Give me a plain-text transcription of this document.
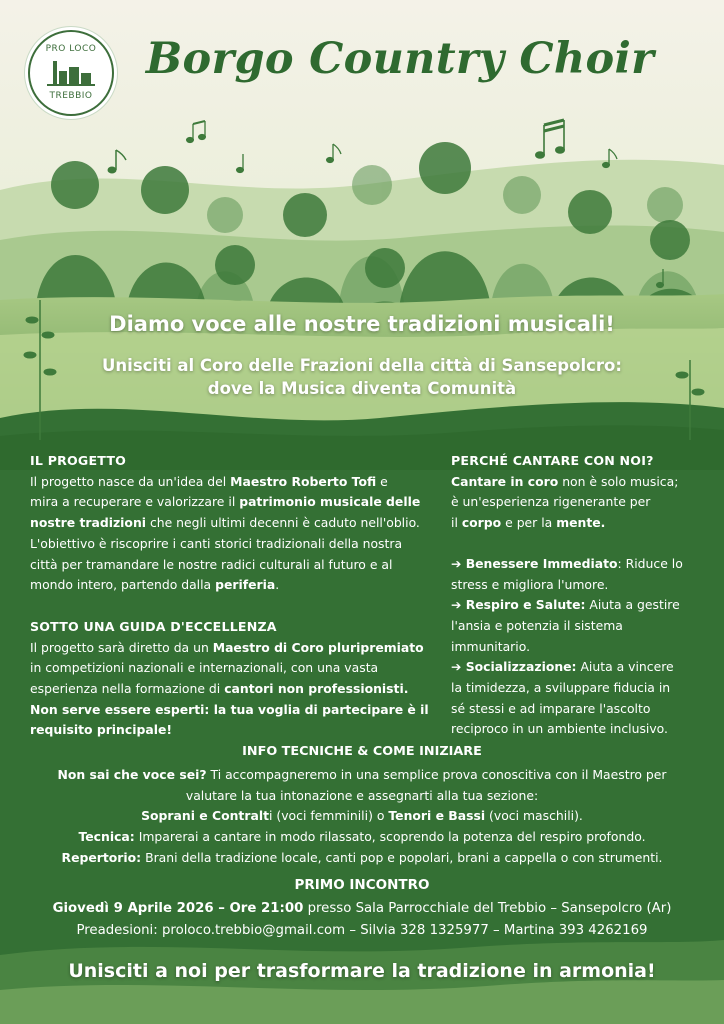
PRO LOCO
TREBBIO
Borgo Country Choir
Diamo voce alle nostre tradizioni musicali!
Unisciti al Coro delle Frazioni della città di Sansepolcro:
dove la Musica diventa Comunità
IL PROGETTO
Il progetto nasce da un'idea del Maestro Roberto Tofi e
mira a recuperare e valorizzare il patrimonio musicale delle
nostre tradizioni che negli ultimi decenni è caduto nell'oblio.
L'obiettivo è riscoprire i canti storici tradizionali della nostra
città per tramandare le nostre radici culturali al futuro e al
mondo intero, partendo dalla periferia.
SOTTO UNA GUIDA D'ECCELLENZA
Il progetto sarà diretto da un Maestro di Coro pluripremiato
in competizioni nazionali e internazionali, con una vasta
esperienza nella formazione di cantori non professionisti.
Non serve essere esperti: la tua voglia di partecipare è il
requisito principale!
PERCHÉ CANTARE CON NOI?
Cantare in coro non è solo musica;
è un'esperienza rigenerante per
il corpo e per la mente.
➔ Benessere Immediato: Riduce lo
stress e migliora l'umore.
➔ Respiro e Salute: Aiuta a gestire
l'ansia e potenzia il sistema
immunitario.
➔ Socializzazione: Aiuta a vincere
la timidezza, a sviluppare fiducia in
sé stessi e ad imparare l'ascolto
reciproco in un ambiente inclusivo.
INFO TECNICHE & COME INIZIARE
Non sai che voce sei? Ti accompagneremo in una semplice prova conoscitiva con il Maestro per
valutare la tua intonazione e assegnarti alla tua sezione:
Soprani e Contralti (voci femminili) o Tenori e Bassi (voci maschili).
Tecnica: Imparerai a cantare in modo rilassato, scoprendo la potenza del respiro profondo.
Repertorio: Brani della tradizione locale, canti pop e popolari, brani a cappella o con strumenti.
PRIMO INCONTRO
Giovedì 9 Aprile 2026 – Ore 21:00 presso Sala Parrocchiale del Trebbio – Sansepolcro (Ar)
Preadesioni: proloco.trebbio@gmail.com – Silvia 328 1325977 – Martina 393 4262169
Unisciti a noi per trasformare la tradizione in armonia!
